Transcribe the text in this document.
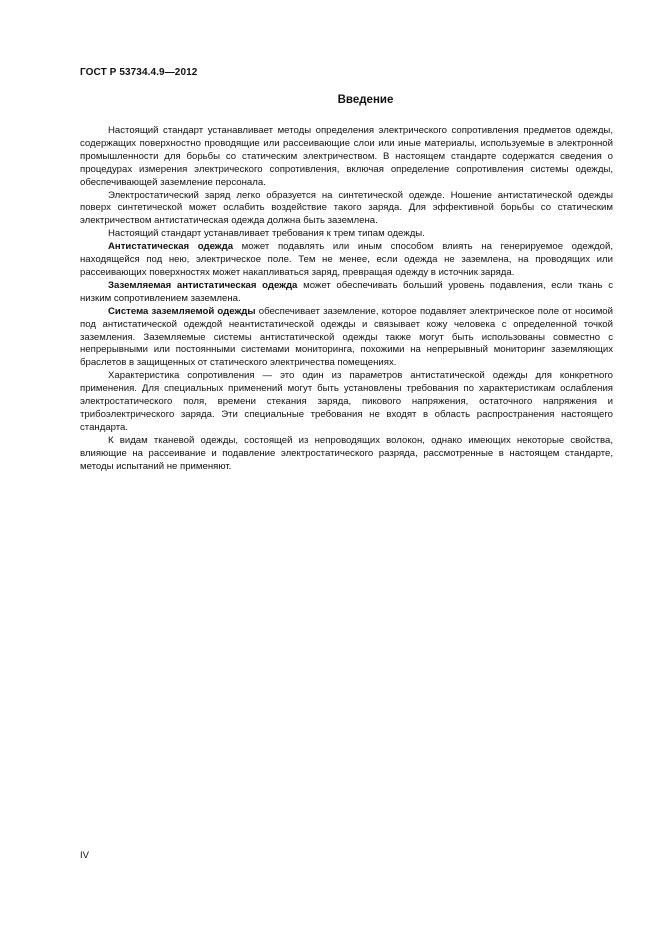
ГОСТ Р 53734.4.9—2012
Введение

Настоящий стандарт устанавливает методы определения электрического сопротивления предметов одежды, содержащих поверхностно проводящие или рассеивающие слои или иные материалы, используемые в электронной промышленности для борьбы со статическим электричеством. В настоящем стандарте содержатся сведения о процедурах измерения электрического сопротивления, включая определение сопротивления системы одежды, обеспечивающей заземление персонала.

Электростатический заряд легко образуется на синтетической одежде. Ношение антистатической одежды поверх синтетической может ослабить воздействие такого заряда. Для эффективной борьбы со статическим электричеством антистатическая одежда должна быть заземлена.

Настоящий стандарт устанавливает требования к трем типам одежды.

Антистатическая одежда может подавлять или иным способом влиять на генерируемое одеждой, находящейся под нею, электрическое поле. Тем не менее, если одежда не заземлена, на проводящих или рассеивающих поверхностях может накапливаться заряд, превращая одежду в источник заряда.

Заземляемая антистатическая одежда может обеспечивать больший уровень подавления, если ткань с низким сопротивлением заземлена.

Система заземляемой одежды обеспечивает заземление, которое подавляет электрическое поле от носимой под антистатической одеждой неантистатической одежды и связывает кожу человека с определенной точкой заземления. Заземляемые системы антистатической одежды также могут быть использованы совместно с непрерывными или постоянными системами мониторинга, похожими на непрерывный мониторинг заземляющих браслетов в защищенных от статического электричества помещениях.

Характеристика сопротивления — это один из параметров антистатической одежды для конкретного применения. Для специальных применений могут быть установлены требования по характеристикам ослабления электростатического поля, времени стекания заряда, пикового напряжения, остаточного напряжения и трибоэлектрического заряда. Эти специальные требования не входят в область распространения настоящего стандарта.

К видам тканевой одежды, состоящей из непроводящих волокон, однако имеющих некоторые свойства, влияющие на рассеивание и подавление электростатического разряда, рассмотренные в настоящем стандарте, методы испытаний не применяют.

IV
